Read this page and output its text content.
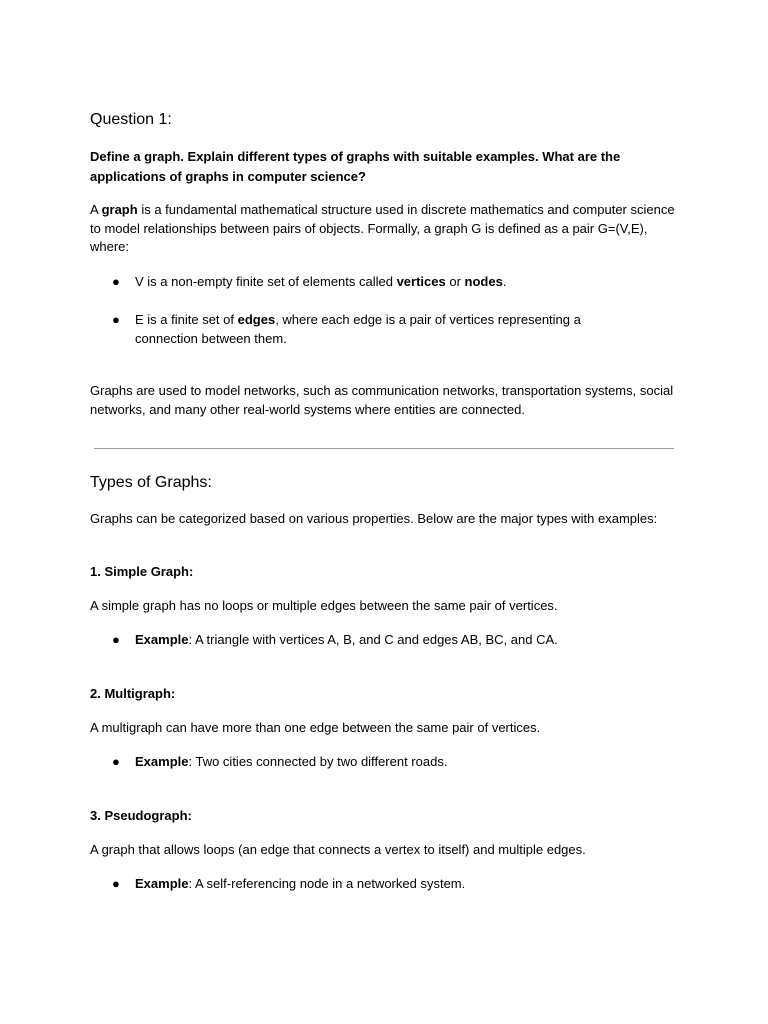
Question 1:

Define a graph. Explain different types of graphs with suitable examples. What are the applications of graphs in computer science?

A graph is a fundamental mathematical structure used in discrete mathematics and computer science to model relationships between pairs of objects. Formally, a graph G is defined as a pair G=(V,E), where:

● V is a non-empty finite set of elements called vertices or nodes.
● E is a finite set of edges, where each edge is a pair of vertices representing a connection between them.

Graphs are used to model networks, such as communication networks, transportation systems, social networks, and many other real-world systems where entities are connected.

Types of Graphs:

Graphs can be categorized based on various properties. Below are the major types with examples:

1. Simple Graph:

A simple graph has no loops or multiple edges between the same pair of vertices.

● Example: A triangle with vertices A, B, and C and edges AB, BC, and CA.

2. Multigraph:

A multigraph can have more than one edge between the same pair of vertices.

● Example: Two cities connected by two different roads.

3. Pseudograph:

A graph that allows loops (an edge that connects a vertex to itself) and multiple edges.

● Example: A self-referencing node in a networked system.
